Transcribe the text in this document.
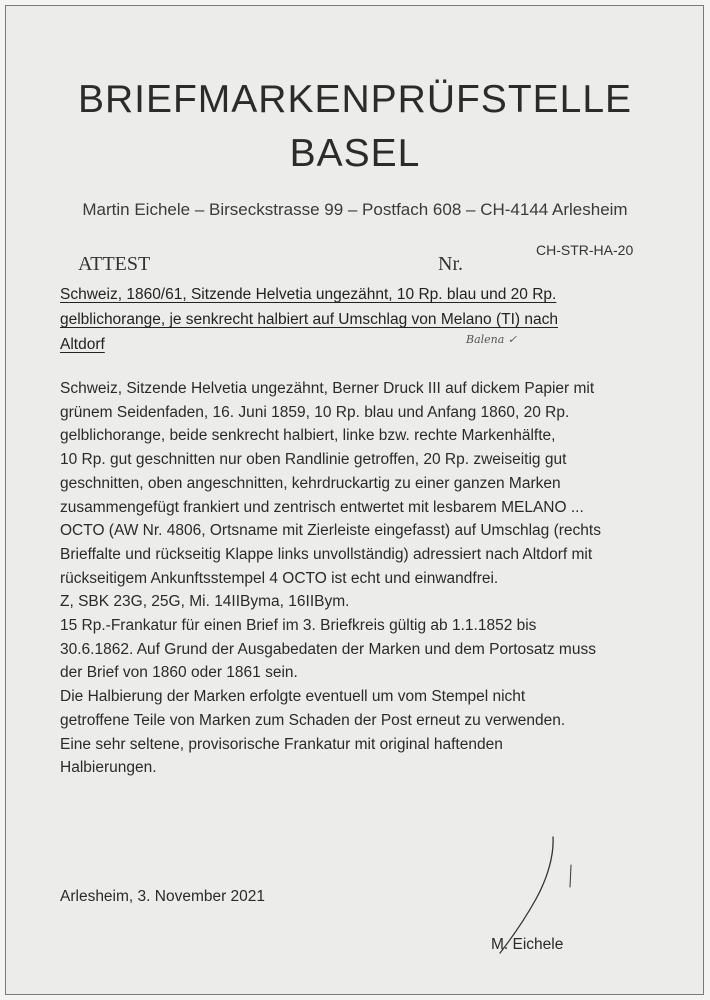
BRIEFMARKENPRÜFSTELLE
BASEL
Martin Eichele – Birseckstrasse 99 – Postfach 608 – CH-4144 Arlesheim
ATTEST	Nr.
CH-STR-HA-20
Schweiz, 1860/61, Sitzende Helvetia ungezähnt, 10 Rp. blau und 20 Rp.
gelblichorange, je senkrecht halbiert auf Umschlag von Melano (TI) nach
Altdorf	Balena ✓
Schweiz, Sitzende Helvetia ungezähnt, Berner Druck III auf dickem Papier mit
grünem Seidenfaden, 16. Juni 1859, 10 Rp. blau und Anfang 1860, 20 Rp.
gelblichorange, beide senkrecht halbiert, linke bzw. rechte Markenhälfte,
10 Rp. gut geschnitten nur oben Randlinie getroffen, 20 Rp. zweiseitig gut
geschnitten, oben angeschnitten, kehrdruckartig zu einer ganzen Marken
zusammengefügt frankiert und zentrisch entwertet mit lesbarem MELANO ...
OCTO (AW Nr. 4806, Ortsname mit Zierleiste eingefasst) auf Umschlag (rechts
Brieffalte und rückseitig Klappe links unvollständig) adressiert nach Altdorf mit
rückseitigem Ankunftsstempel 4 OCTO ist echt und einwandfrei.
Z, SBK 23G, 25G, Mi. 14IIByma, 16IIBym.
15 Rp.-Frankatur für einen Brief im 3. Briefkreis gültig ab 1.1.1852 bis
30.6.1862. Auf Grund der Ausgabedaten der Marken und dem Portosatz muss
der Brief von 1860 oder 1861 sein.
Die Halbierung der Marken erfolgte eventuell um vom Stempel nicht
getroffene Teile von Marken zum Schaden der Post erneut zu verwenden.
Eine sehr seltene, provisorische Frankatur mit original haftenden
Halbierungen.
Arlesheim, 3. November 2021
M. Eichele
